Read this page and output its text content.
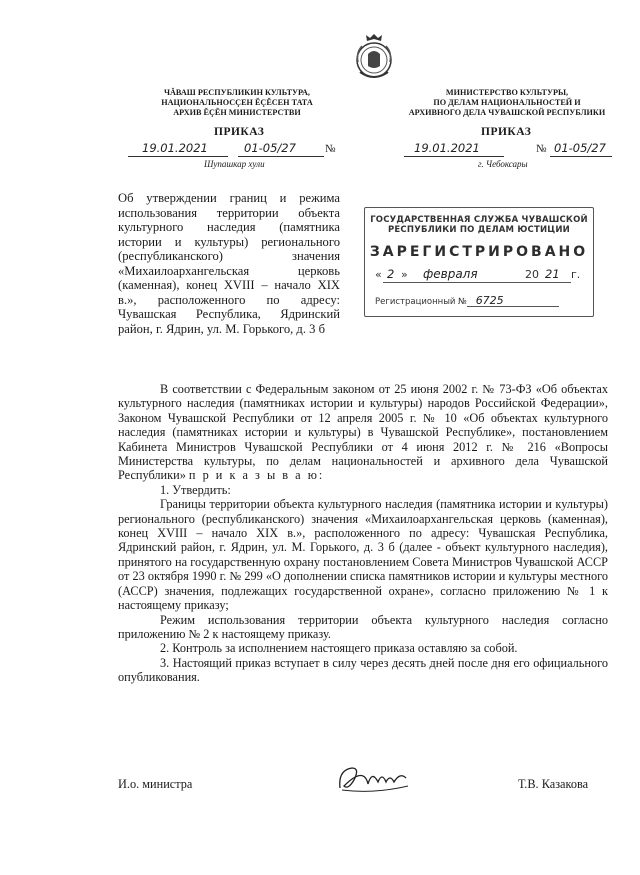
ЧĂВАШ РЕСПУБЛИКИН КУЛЬТУРА,
НАЦИОНАЛЬНОСÇЕН ĔÇĔСЕН ТАТА
АРХИВ ĔÇĔН МИНИСТЕРСТВИ
МИНИСТЕРСТВО КУЛЬТУРЫ,
ПО ДЕЛАМ НАЦИОНАЛЬНОСТЕЙ И
АРХИВНОГО ДЕЛА ЧУВАШСКОЙ РЕСПУБЛИКИ
ПРИКАЗ	ПРИКАЗ
19.01.2021	01-05/27	№
Шупашкар хули
19.01.2021	№ 01-05/27
г. Чебоксары

Об утверждении границ и режима использования территории объекта культурного наследия (памятника истории и культуры) регионального (республиканского) значения «Михаилоархангельская церковь (каменная), конец XVIII – начало XIX в.», расположенного по адресу: Чувашская Республика, Ядринский район, г. Ядрин, ул. М. Горького, д. 3 б

ГОСУДАРСТВЕННАЯ СЛУЖБА ЧУВАШСКОЙ
РЕСПУБЛИКИ ПО ДЕЛАМ ЮСТИЦИИ
ЗАРЕГИСТРИРОВАНО
« 2 » февраля	20 21 г.
Регистрационный № 6725

В соответствии с Федеральным законом от 25 июня 2002 г. № 73-ФЗ «Об объектах культурного наследия (памятниках истории и культуры) народов Российской Федерации», Законом Чувашской Республики от 12 апреля 2005 г. № 10 «Об объектах культурного наследия (памятниках истории и культуры) в Чувашской Республике», постановлением Кабинета Министров Чувашской Республики от 4 июня 2012 г. № 216 «Вопросы Министерства культуры, по делам национальностей и архивного дела Чувашской Республики» п р и к а з ы в а ю:

1. Утвердить:

Границы территории объекта культурного наследия (памятника истории и культуры) регионального (республиканского) значения «Михаилоархангельская церковь (каменная), конец XVIII – начало XIX в.», расположенного по адресу: Чувашская Республика, Ядринский район, г. Ядрин, ул. М. Горького, д. 3 б (далее - объект культурного наследия), принятого на государственную охрану постановлением Совета Министров Чувашской АССР от 23 октября 1990 г. № 299 «О дополнении списка памятников истории и культуры местного (АССР) значения, подлежащих государственной охране», согласно приложению № 1 к настоящему приказу;

Режим использования территории объекта культурного наследия согласно приложению № 2 к настоящему приказу.

2. Контроль за исполнением настоящего приказа оставляю за собой.

3. Настоящий приказ вступает в силу через десять дней после дня его официального опубликования.

И.о. министра	Т.В. Казакова
